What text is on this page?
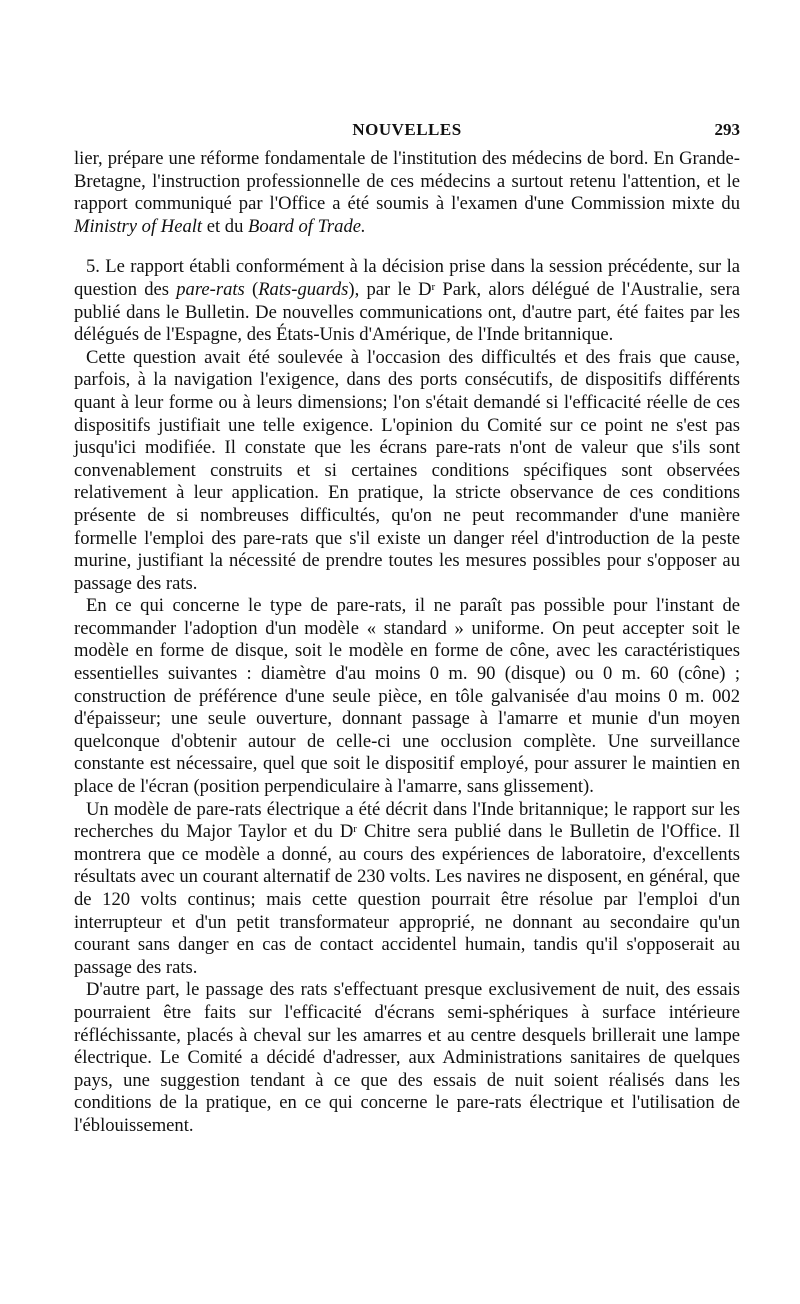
NOUVELLES	293

lier, prépare une réforme fondamentale de l'institution des médecins de bord. En Grande-Bretagne, l'instruction professionnelle de ces médecins a surtout retenu l'attention, et le rapport communiqué par l'Office a été soumis à l'examen d'une Commission mixte du Ministry of Healt et du Board of Trade.

5. Le rapport établi conformément à la décision prise dans la session précédente, sur la question des pare-rats (Rats-guards), par le $D^r$ Park, alors délégué de l'Australie, sera publié dans le Bulletin. De nouvelles communications ont, d'autre part, été faites par les délégués de l'Espagne, des États-Unis d'Amérique, de l'Inde britannique.

Cette question avait été soulevée à l'occasion des difficultés et des frais que cause, parfois, à la navigation l'exigence, dans des ports consécutifs, de dispositifs différents quant à leur forme ou à leurs dimensions; l'on s'était demandé si l'efficacité réelle de ces dispositifs justifiait une telle exigence. L'opinion du Comité sur ce point ne s'est pas jusqu'ici modifiée. Il constate que les écrans pare-rats n'ont de valeur que s'ils sont convenablement construits et si certaines conditions spécifiques sont observées relativement à leur application. En pratique, la stricte observance de ces conditions présente de si nombreuses difficultés, qu'on ne peut recommander d'une manière formelle l'emploi des pare-rats que s'il existe un danger réel d'introduction de la peste murine, justifiant la nécessité de prendre toutes les mesures possibles pour s'opposer au passage des rats.

En ce qui concerne le type de pare-rats, il ne paraît pas possible pour l'instant de recommander l'adoption d'un modèle « standard » uniforme. On peut accepter soit le modèle en forme de disque, soit le modèle en forme de cône, avec les caractéristiques essentielles suivantes : diamètre d'au moins 0 m. 90 (disque) ou 0 m. 60 (cône) ; construction de préférence d'une seule pièce, en tôle galvanisée d'au moins 0 m. 002 d'épaisseur; une seule ouverture, donnant passage à l'amarre et munie d'un moyen quelconque d'obtenir autour de celle-ci une occlusion complète. Une surveillance constante est nécessaire, quel que soit le dispositif employé, pour assurer le maintien en place de l'écran (position perpendiculaire à l'amarre, sans glissement).

Un modèle de pare-rats électrique a été décrit dans l'Inde britannique; le rapport sur les recherches du Major Taylor et du $D^r$ Chitre sera publié dans le Bulletin de l'Office. Il montrera que ce modèle a donné, au cours des expériences de laboratoire, d'excellents résultats avec un courant alternatif de 230 volts. Les navires ne disposent, en général, que de 120 volts continus; mais cette question pourrait être résolue par l'emploi d'un interrupteur et d'un petit transformateur approprié, ne donnant au secondaire qu'un courant sans danger en cas de contact accidentel humain, tandis qu'il s'opposerait au passage des rats.

D'autre part, le passage des rats s'effectuant presque exclusivement de nuit, des essais pourraient être faits sur l'efficacité d'écrans semi-sphériques à surface intérieure réfléchissante, placés à cheval sur les amarres et au centre desquels brillerait une lampe électrique. Le Comité a décidé d'adresser, aux Administrations sanitaires de quelques pays, une suggestion tendant à ce que des essais de nuit soient réalisés dans les conditions de la pratique, en ce qui concerne le pare-rats électrique et l'utilisation de l'éblouissement.
